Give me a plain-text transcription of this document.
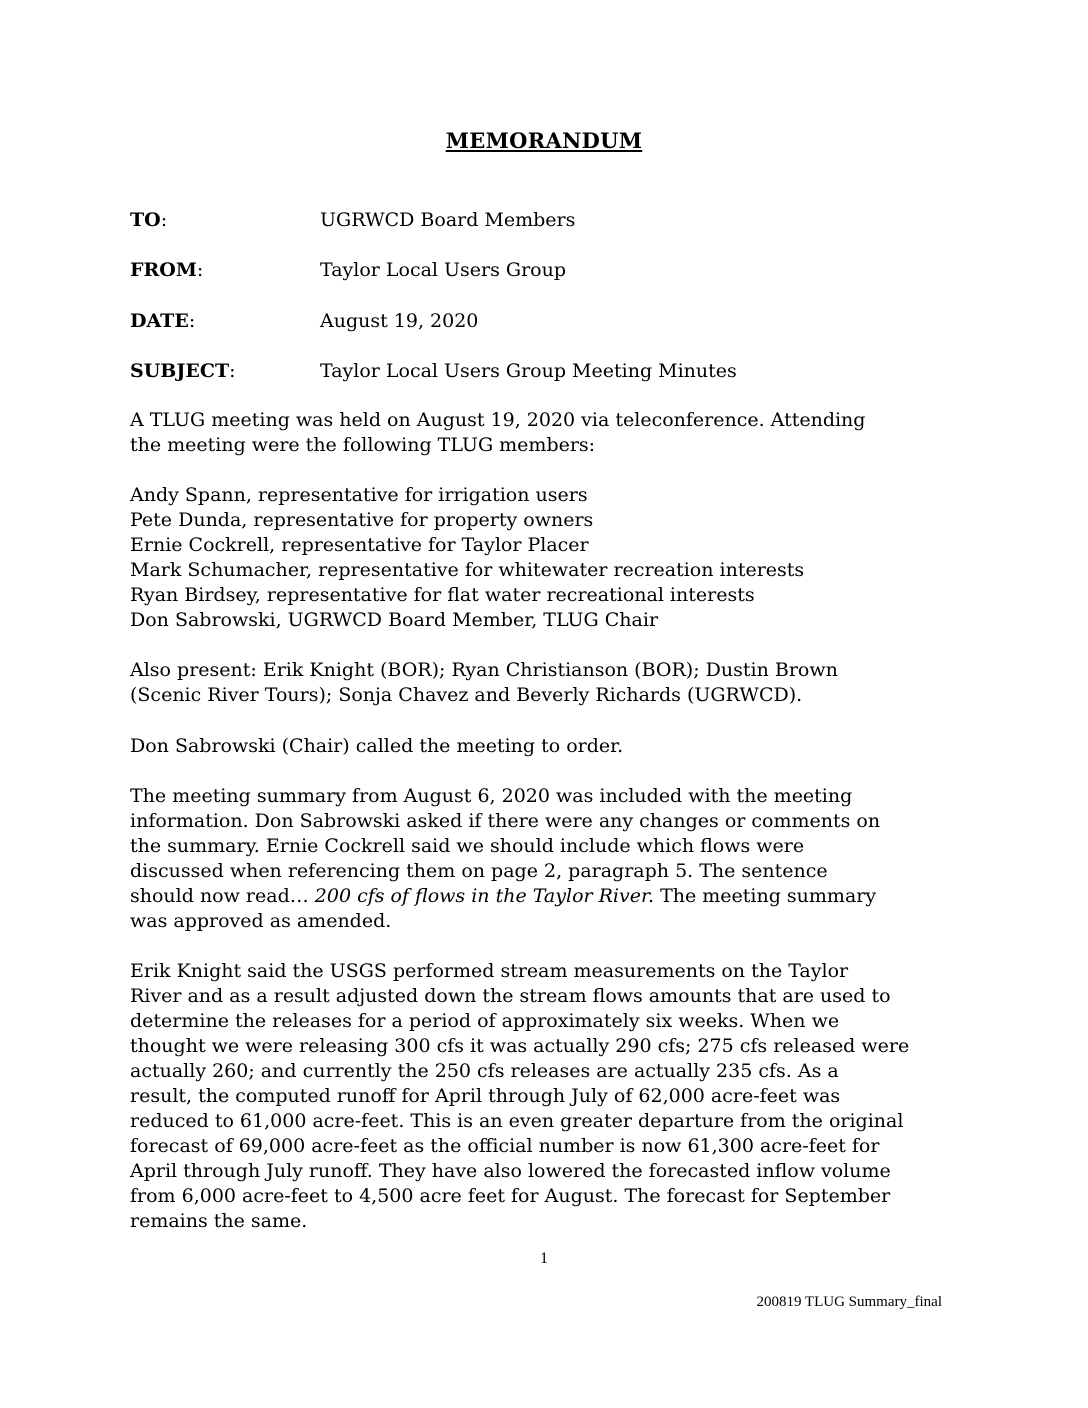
MEMORANDUM
TO:	UGRWCD Board Members
FROM:	Taylor Local Users Group
DATE:	August 19, 2020
SUBJECT:	Taylor Local Users Group Meeting Minutes
A TLUG meeting was held on August 19, 2020 via teleconference. Attending
the meeting were the following TLUG members:
Andy Spann, representative for irrigation users
Pete Dunda, representative for property owners
Ernie Cockrell, representative for Taylor Placer
Mark Schumacher, representative for whitewater recreation interests
Ryan Birdsey, representative for flat water recreational interests
Don Sabrowski, UGRWCD Board Member, TLUG Chair
Also present: Erik Knight (BOR); Ryan Christianson (BOR); Dustin Brown
(Scenic River Tours); Sonja Chavez and Beverly Richards (UGRWCD).
Don Sabrowski (Chair) called the meeting to order.
The meeting summary from August 6, 2020 was included with the meeting
information. Don Sabrowski asked if there were any changes or comments on
the summary. Ernie Cockrell said we should include which flows were
discussed when referencing them on page 2, paragraph 5. The sentence
should now read… 200 cfs of flows in the Taylor River. The meeting summary
was approved as amended.
Erik Knight said the USGS performed stream measurements on the Taylor
River and as a result adjusted down the stream flows amounts that are used to
determine the releases for a period of approximately six weeks. When we
thought we were releasing 300 cfs it was actually 290 cfs; 275 cfs released were
actually 260; and currently the 250 cfs releases are actually 235 cfs. As a
result, the computed runoff for April through July of 62,000 acre-feet was
reduced to 61,000 acre-feet. This is an even greater departure from the original
forecast of 69,000 acre-feet as the official number is now 61,300 acre-feet for
April through July runoff. They have also lowered the forecasted inflow volume
from 6,000 acre-feet to 4,500 acre feet for August. The forecast for September
remains the same.
1
200819 TLUG Summary_final
